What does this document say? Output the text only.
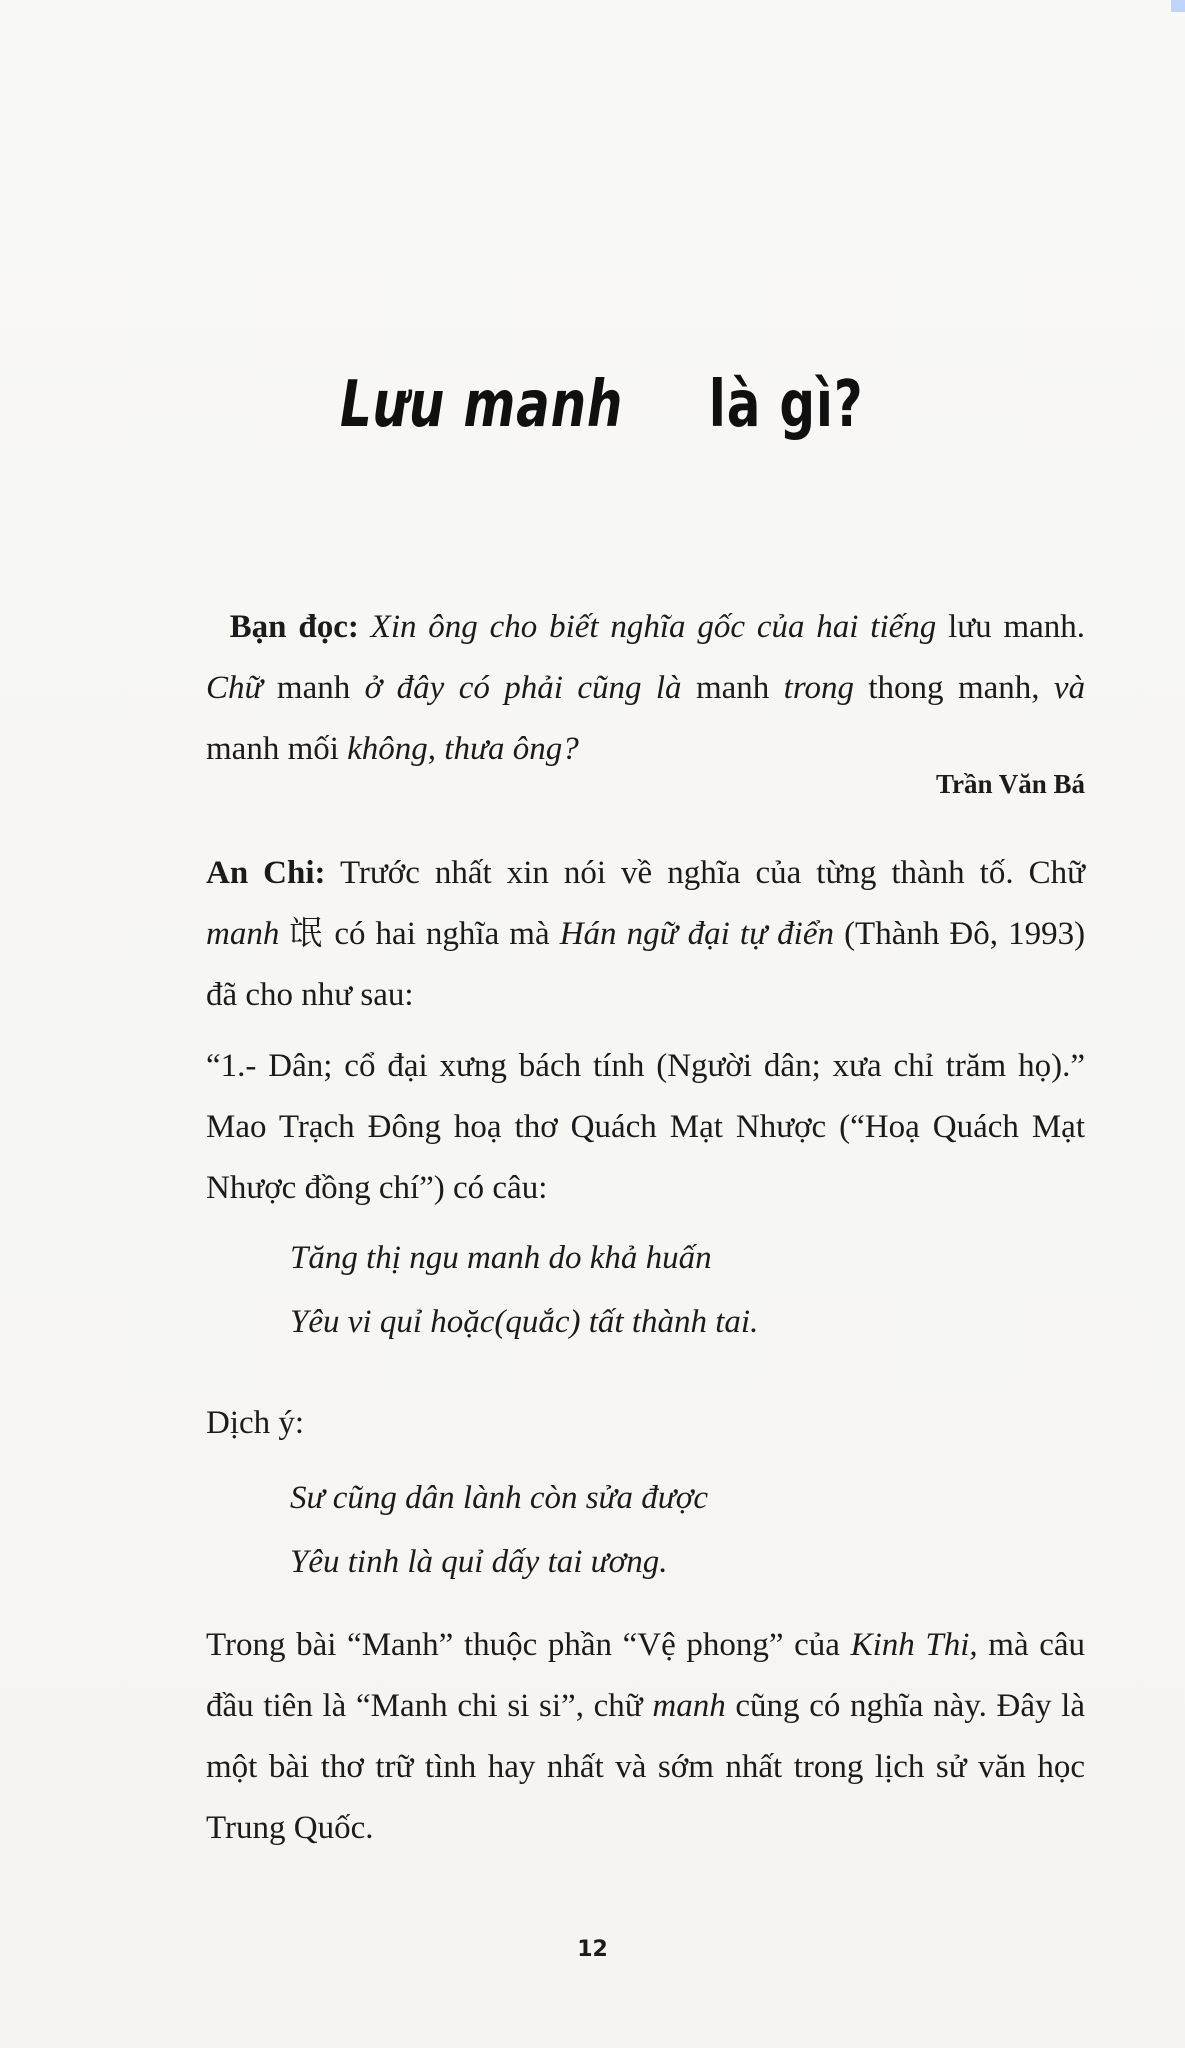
Lưu manh là gì?
Bạn đọc: Xin ông cho biết nghĩa gốc của hai tiếng lưu manh. Chữ manh ở đây có phải cũng là manh trong thong manh, và manh mối không, thưa ông?
Trần Văn Bá
An Chi: Trước nhất xin nói về nghĩa của từng thành tố. Chữ manh 氓 có hai nghĩa mà Hán ngữ đại tự điển (Thành Đô, 1993) đã cho như sau:
“1.- Dân; cổ đại xưng bách tính (Người dân; xưa chỉ trăm họ).” Mao Trạch Đông hoạ thơ Quách Mạt Nhược (“Hoạ Quách Mạt Nhược đồng chí”) có câu:
Tăng thị ngu manh do khả huấn
Yêu vi quỉ hoặc(quắc) tất thành tai.
Dịch ý:
Sư cũng dân lành còn sửa được
Yêu tinh là quỉ dấy tai ương.
Trong bài “Manh” thuộc phần “Vệ phong” của Kinh Thi, mà câu đầu tiên là “Manh chi si si”, chữ manh cũng có nghĩa này. Đây là một bài thơ trữ tình hay nhất và sớm nhất trong lịch sử văn học Trung Quốc.
12
